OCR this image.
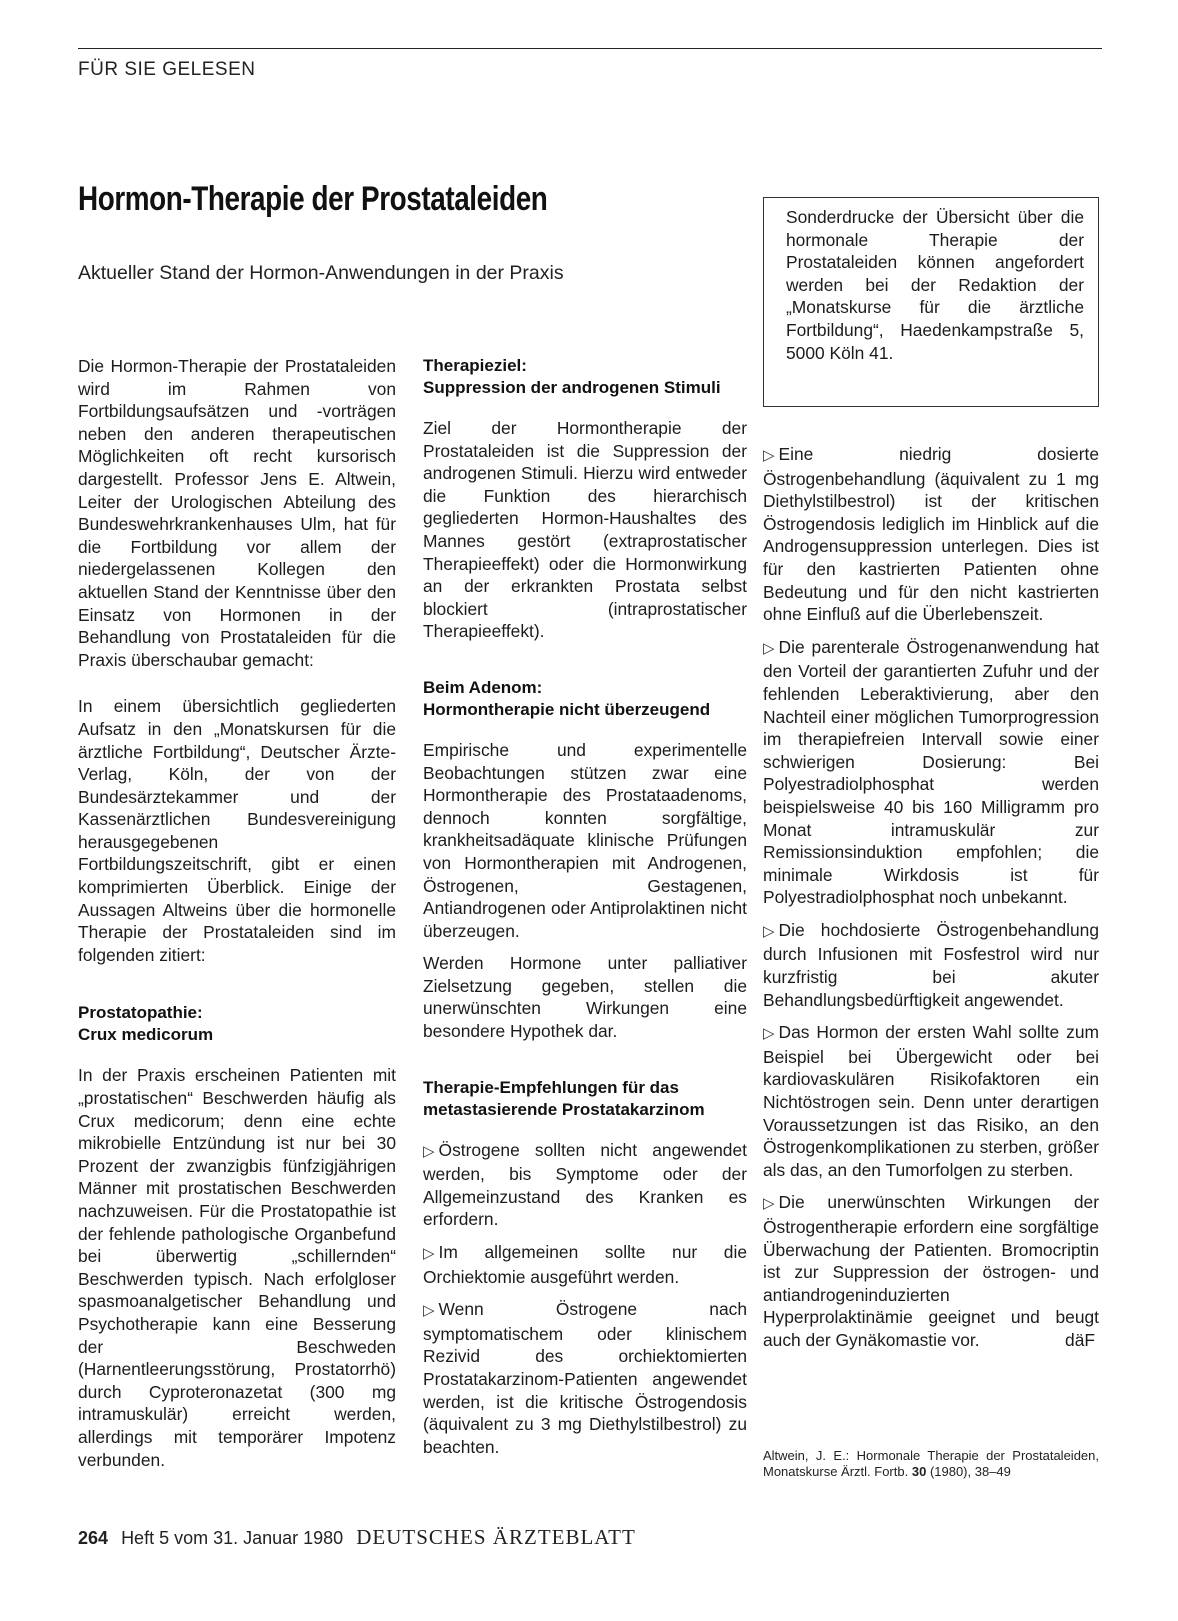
FÜR SIE GELESEN
Hormon-Therapie der Prostataleiden
Aktueller Stand der Hormon-Anwendungen in der Praxis

Sonderdrucke der Übersicht über die hormonale Therapie der Prostataleiden können angefordert werden bei der Redaktion der „Monatskurse für die ärztliche Fortbildung“, Haedenkampstraße 5, 5000 Köln 41.

Die Hormon-Therapie der Prostataleiden wird im Rahmen von Fortbildungsaufsätzen und -vorträgen neben den anderen therapeutischen Möglichkeiten oft recht kursorisch dargestellt. Professor Jens E. Altwein, Leiter der Urologischen Abteilung des Bundeswehrkrankenhauses Ulm, hat für die Fortbildung vor allem der niedergelassenen Kollegen den aktuellen Stand der Kenntnisse über den Einsatz von Hormonen in der Behandlung von Prostataleiden für die Praxis überschaubar gemacht:

In einem übersichtlich gegliederten Aufsatz in den „Monatskursen für die ärztliche Fortbildung“, Deutscher Ärzte-Verlag, Köln, der von der Bundesärztekammer und der Kassenärztlichen Bundesvereinigung herausgegebenen Fortbildungszeitschrift, gibt er einen komprimierten Überblick. Einige der Aussagen Altweins über die hormonelle Therapie der Prostataleiden sind im folgenden zitiert:

Prostatopathie:
Crux medicorum

In der Praxis erscheinen Patienten mit „prostatischen“ Beschwerden häufig als Crux medicorum; denn eine echte mikrobielle Entzündung ist nur bei 30 Prozent der zwanzigbis fünfzigjährigen Männer mit prostatischen Beschwerden nachzuweisen. Für die Prostatopathie ist der fehlende pathologische Organbefund bei überwertig „schillernden“ Beschwerden typisch. Nach erfolgloser spasmoanalgetischer Behandlung und Psychotherapie kann eine Besserung der Beschweden (Harnentleerungsstörung, Prostatorrhö) durch Cyproteronazetat (300 mg intramuskulär) erreicht werden, allerdings mit temporärer Impotenz verbunden.

Therapieziel:
Suppression der androgenen Stimuli

Ziel der Hormontherapie der Prostataleiden ist die Suppression der androgenen Stimuli. Hierzu wird entweder die Funktion des hierarchisch gegliederten Hormon-Haushaltes des Mannes gestört (extraprostatischer Therapieeffekt) oder die Hormonwirkung an der erkrankten Prostata selbst blockiert (intraprostatischer Therapieeffekt).

Beim Adenom:
Hormontherapie nicht überzeugend

Empirische und experimentelle Beobachtungen stützen zwar eine Hormontherapie des Prostataadenoms, dennoch konnten sorgfältige, krankheitsadäquate klinische Prüfungen von Hormontherapien mit Androgenen, Östrogenen, Gestagenen, Antiandrogenen oder Antiprolaktinen nicht überzeugen.

Werden Hormone unter palliativer Zielsetzung gegeben, stellen die unerwünschten Wirkungen eine besondere Hypothek dar.

Therapie-Empfehlungen für das
metastasierende Prostatakarzinom

▷ Östrogene sollten nicht angewendet werden, bis Symptome oder der Allgemeinzustand des Kranken es erfordern.

▷ Im allgemeinen sollte nur die Orchiektomie ausgeführt werden.

▷ Wenn Östrogene nach symptomatischem oder klinischem Rezivid des orchiektomierten Prostatakarzinom-Patienten angewendet werden, ist die kritische Östrogendosis (äquivalent zu 3 mg Diethylstilbestrol) zu beachten.

▷ Eine niedrig dosierte Östrogenbehandlung (äquivalent zu 1 mg Diethylstilbestrol) ist der kritischen Östrogendosis lediglich im Hinblick auf die Androgensuppression unterlegen. Dies ist für den kastrierten Patienten ohne Bedeutung und für den nicht kastrierten ohne Einfluß auf die Überlebenszeit.

▷ Die parenterale Östrogenanwendung hat den Vorteil der garantierten Zufuhr und der fehlenden Leberaktivierung, aber den Nachteil einer möglichen Tumorprogression im therapiefreien Intervall sowie einer schwierigen Dosierung: Bei Polyestradiolphosphat werden beispielsweise 40 bis 160 Milligramm pro Monat intramuskulär zur Remissionsinduktion empfohlen; die minimale Wirkdosis ist für Polyestradiolphosphat noch unbekannt.

▷ Die hochdosierte Östrogenbehandlung durch Infusionen mit Fosfestrol wird nur kurzfristig bei akuter Behandlungsbedürftigkeit angewendet.

▷ Das Hormon der ersten Wahl sollte zum Beispiel bei Übergewicht oder bei kardiovaskulären Risikofaktoren ein Nichtöstrogen sein. Denn unter derartigen Voraussetzungen ist das Risiko, an den Östrogenkomplikationen zu sterben, größer als das, an den Tumorfolgen zu sterben.

▷ Die unerwünschten Wirkungen der Östrogentherapie erfordern eine sorgfältige Überwachung der Patienten. Bromocriptin ist zur Suppression der östrogen- und antiandrogeninduzierten Hyperprolaktinämie geeignet und beugt auch der Gynäkomastie vor.	däF

Altwein, J. E.: Hormonale Therapie der Prostataleiden, Monatskurse Ärztl. Fortb. 30 (1980), 38–49
264 Heft 5 vom 31. Januar 1980 DEUTSCHES ÄRZTEBLATT
